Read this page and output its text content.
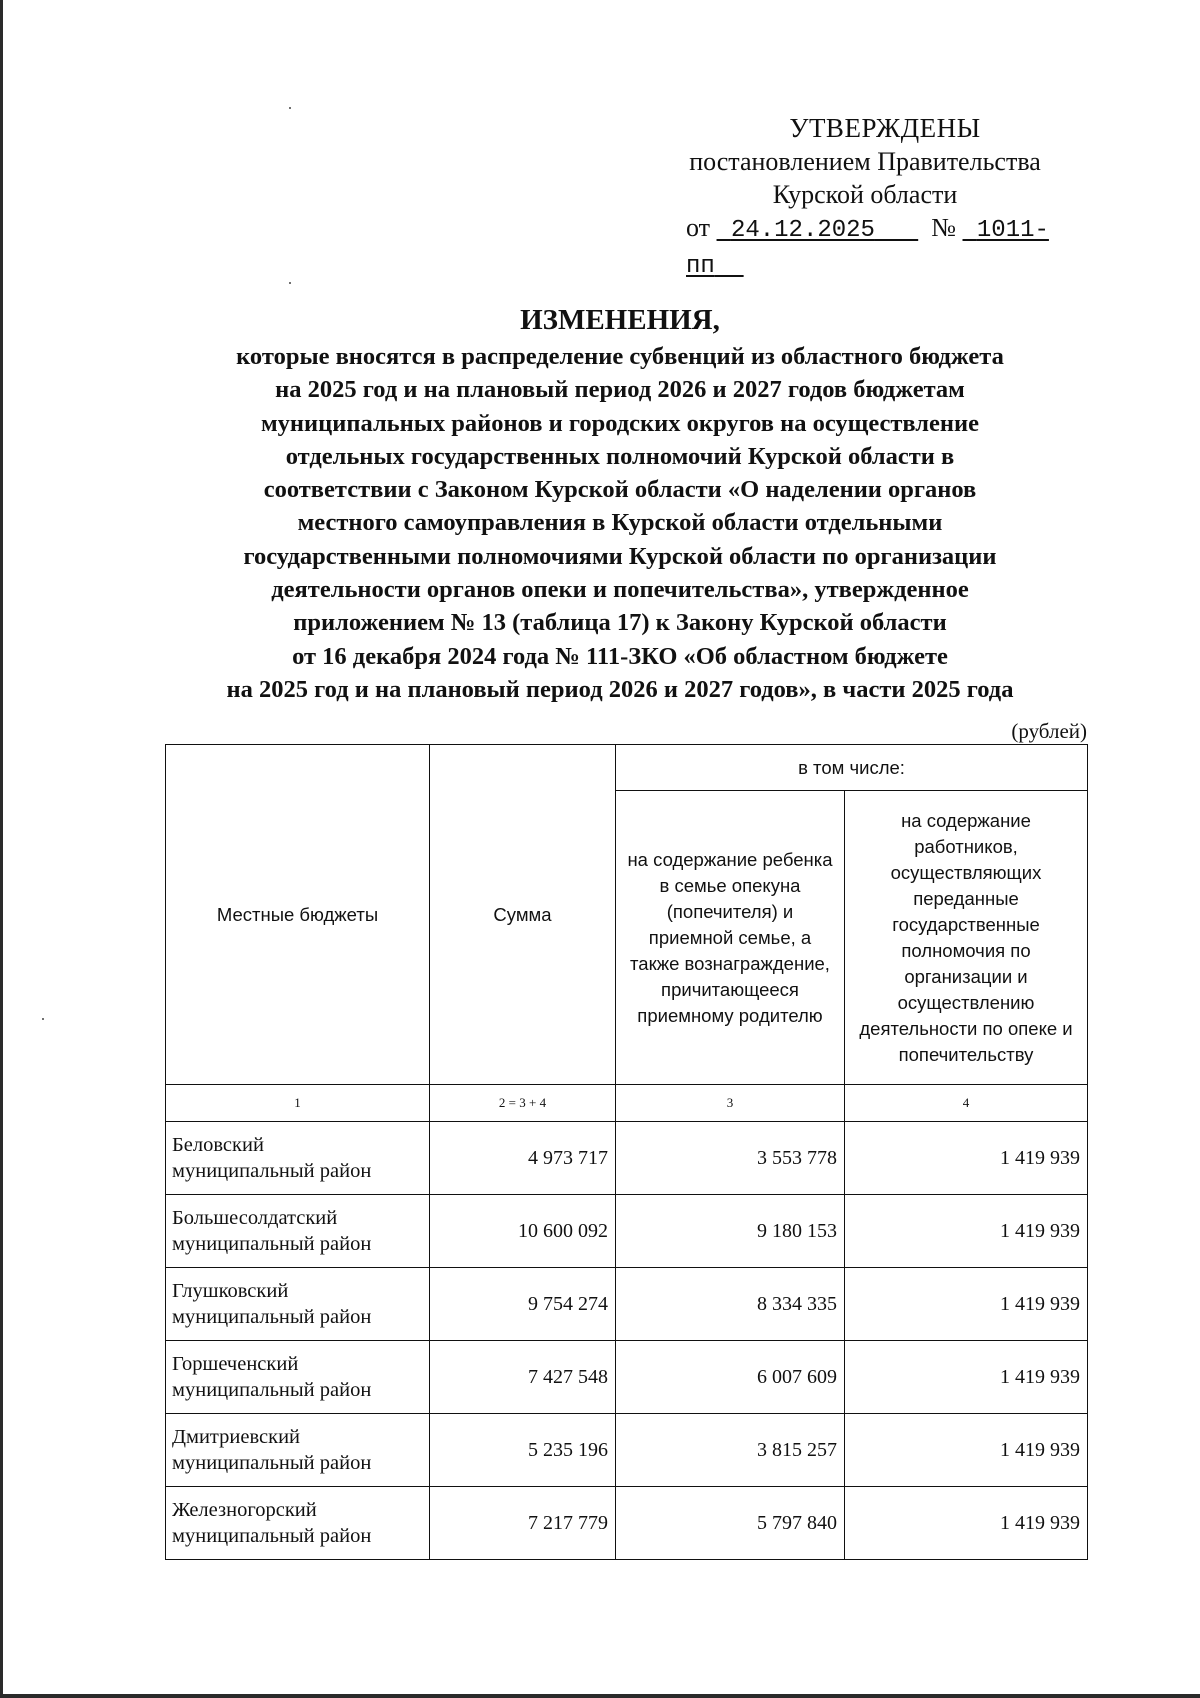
УТВЕРЖДЕНЫ
постановлением Правительства
Курской области
от 24.12.2025 № 1011-пп
ИЗМЕНЕНИЯ,
которые вносятся в распределение субвенций из областного бюджета
на 2025 год и на плановый период 2026 и 2027 годов бюджетам
муниципальных районов и городских округов на осуществление
отдельных государственных полномочий Курской области в
соответствии с Законом Курской области «О наделении органов
местного самоуправления в Курской области отдельными
государственными полномочиями Курской области по организации
деятельности органов опеки и попечительства», утвержденное
приложением № 13 (таблица 17) к Закону Курской области
от 16 декабря 2024 года № 111-ЗКО «Об областном бюджете
на 2025 год и на плановый период 2026 и 2027 годов», в части 2025 года
(рублей)
Местные бюджеты	Сумма	в том числе:	
		на содержание ребенка в семье опекуна (попечителя) и приемной семье, а также вознаграждение, причитающееся приемному родителю	на содержание работников, осуществляющих переданные государственные полномочия по организации и осуществлению деятельности по опеке и попечительству
1	2 = 3 + 4	3	4

Беловский
муниципальный район	4 973 717	3 553 778	1 419 939

Большесолдатский
муниципальный район	10 600 092	9 180 153	1 419 939

Глушковский
муниципальный район	9 754 274	8 334 335	1 419 939

Горшеченский
муниципальный район	7 427 548	6 007 609	1 419 939

Дмитриевский
муниципальный район	5 235 196	3 815 257	1 419 939

Железногорский
муниципальный район	7 217 779	5 797 840	1 419 939
